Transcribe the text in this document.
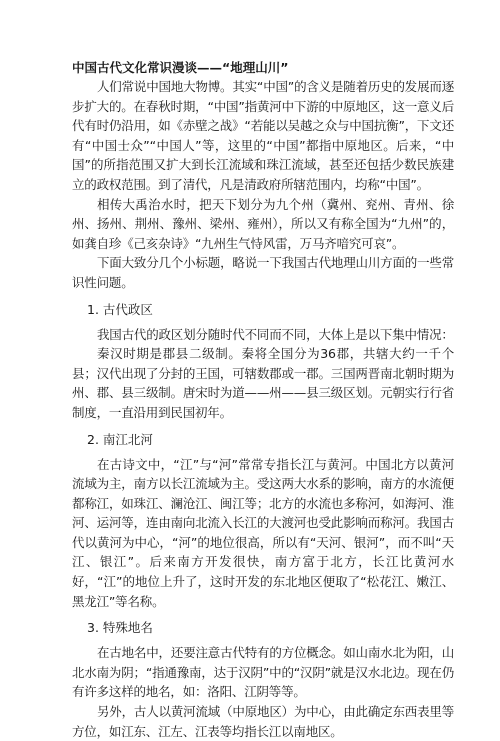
中国古代文化常识漫谈——“地理山川”

人们常说中国地大物博。其实“中国”的含义是随着历史的发展而逐步扩大的。在春秋时期，“中国”指黄河中下游的中原地区，这一意义后代有时仍沿用，如《赤壁之战》“若能以吴越之众与中国抗衡”，下文还有“中国士众”“中国人”等，这里的“中国”都指中原地区。后来，“中国”的所指范围又扩大到长江流域和珠江流域，甚至还包括少数民族建立的政权范围。到了清代，凡是清政府所辖范围内，均称“中国”。

相传大禹治水时，把天下划分为九个州（冀州、兖州、青州、徐州、扬州、荆州、豫州、梁州、雍州），所以又有称全国为“九州”的，如龚自珍《己亥杂诗》“九州生气恃风雷，万马齐喑究可哀”。

下面大致分几个小标题，略说一下我国古代地理山川方面的一些常识性问题。

1. 古代政区

我国古代的政区划分随时代不同而不同，大体上是以下集中情况：

秦汉时期是郡县二级制。秦将全国分为36郡，共辖大约一千个县；汉代出现了分封的王国，可辖数郡或一郡。三国两晋南北朝时期为州、郡、县三级制。唐宋时为道——州——县三级区划。元朝实行行省制度，一直沿用到民国初年。

2. 南江北河

在古诗文中，“江”与“河”常常专指长江与黄河。中国北方以黄河流域为主，南方以长江流域为主。受这两大水系的影响，南方的水流便都称江，如珠江、澜沧江、闽江等；北方的水流也多称河，如海河、淮河、运河等，连由南向北流入长江的大渡河也受此影响而称河。我国古代以黄河为中心，“河”的地位很高，所以有“天河、银河”，而不叫“天江、银江”。后来南方开发很快，南方富于北方，长江比黄河水好，“江”的地位上升了，这时开发的东北地区便取了“松花江、嫩江、黑龙江”等名称。

3. 特殊地名

在古地名中，还要注意古代特有的方位概念。如山南水北为阳，山北水南为阴；“指通豫南，达于汉阴”中的“汉阴”就是汉水北边。现在仍有许多这样的地名，如：洛阳、江阴等等。

另外，古人以黄河流域（中原地区）为中心，由此确定东西表里等方位，如江东、江左、江表等均指长江以南地区。
